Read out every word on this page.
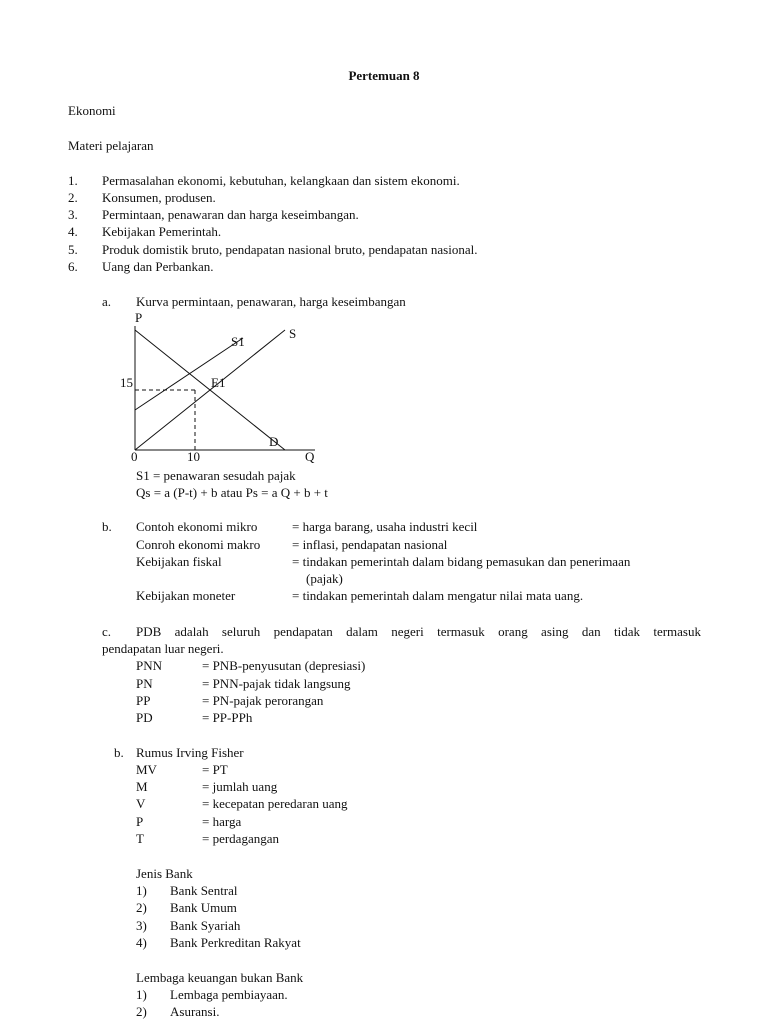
Pertemuan 8
Ekonomi
Materi pelajaran
1. Permasalahan ekonomi, kebutuhan, kelangkaan dan sistem ekonomi.
2. Konsumen, produsen.
3. Permintaan, penawaran dan harga keseimbangan.
4. Kebijakan Pemerintah.
5. Produk domistik bruto, pendapatan nasional bruto, pendapatan nasional.
6. Uang dan Perbankan.
a. Kurva permintaan, penawaran, harga keseimbangan
S1
S
D
E1
P
Q
0
15
10
S1 = penawaran sesudah pajak
Qs = a (P-t) + b atau Ps = a Q + b + t
b. Contoh ekonomi mikro	= harga barang, usaha industri kecil
Conroh ekonomi makro = inflasi, pendapatan nasional
Kebijakan fiskal	= tindakan pemerintah dalam bidang pemasukan dan penerimaan
(pajak)
Kebijakan moneter	= tindakan pemerintah dalam mengatur nilai mata uang.
c. PDB adalah seluruh pendapatan dalam negeri termasuk orang asing dan tidak termasuk
pendapatan luar negeri.
PNN	= PNB-penyusutan (depresiasi)
PN	= PNN-pajak tidak langsung
PP	= PN-pajak perorangan
PD	= PP-PPh
b. Rumus Irving Fisher
MV	= PT
M	= jumlah uang
V	= kecepatan peredaran uang
P	= harga
T	= perdagangan
Jenis Bank
1) Bank Sentral
2) Bank Umum
3) Bank Syariah
4) Bank Perkreditan Rakyat
Lembaga keuangan bukan Bank
1) Lembaga pembiayaan.
2) Asuransi.
